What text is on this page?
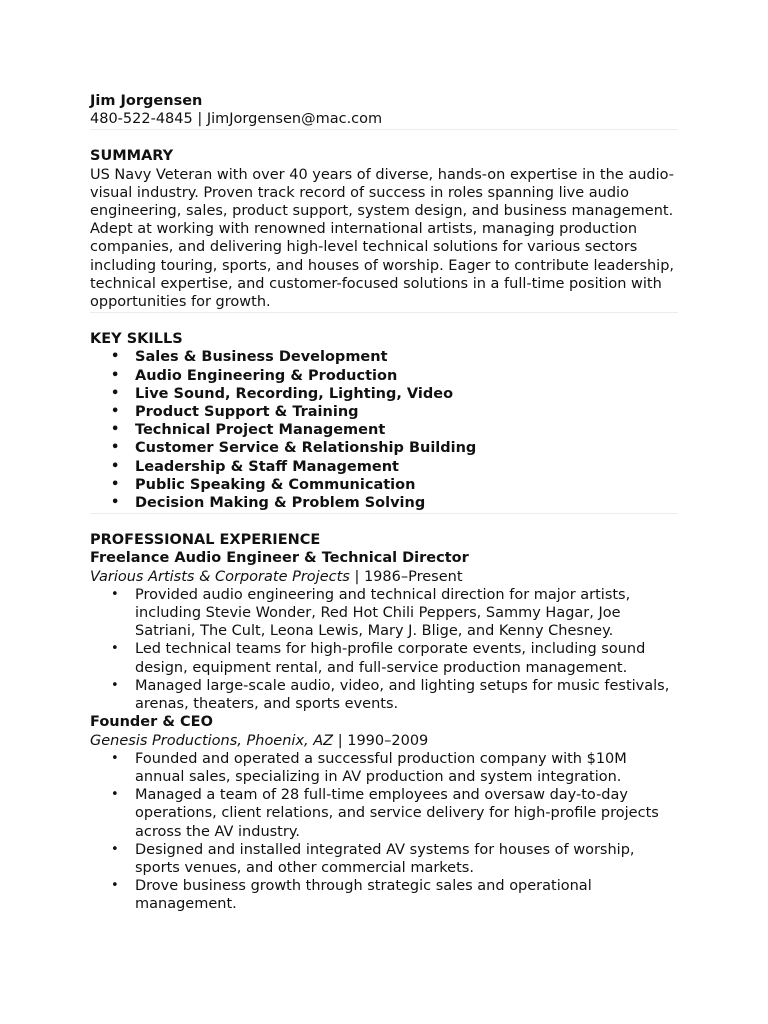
Jim Jorgensen
480-522-4845 | JimJorgensen@mac.com
SUMMARY

US Navy Veteran with over 40 years of diverse, hands-on expertise in the audio-visual industry. Proven track record of success in roles spanning live audio engineering, sales, product support, system design, and business management. Adept at working with renowned international artists, managing production companies, and delivering high-level technical solutions for various sectors including touring, sports, and houses of worship. Eager to contribute leadership, technical expertise, and customer-focused solutions in a full-time position with opportunities for growth.

KEY SKILLS
• Sales & Business Development
• Audio Engineering & Production
• Live Sound, Recording, Lighting, Video
• Product Support & Training
• Technical Project Management
• Customer Service & Relationship Building
• Leadership & Staff Management
• Public Speaking & Communication
• Decision Making & Problem Solving
PROFESSIONAL EXPERIENCE
Freelance Audio Engineer & Technical Director
Various Artists & Corporate Projects | 1986–Present
• Provided audio engineering and technical direction for major artists, including Stevie Wonder, Red Hot Chili Peppers, Sammy Hagar, Joe Satriani, The Cult, Leona Lewis, Mary J. Blige, and Kenny Chesney.
• Led technical teams for high-profile corporate events, including sound design, equipment rental, and full-service production management.
• Managed large-scale audio, video, and lighting setups for music festivals, arenas, theaters, and sports events.
Founder & CEO
Genesis Productions, Phoenix, AZ | 1990–2009
• Founded and operated a successful production company with $10M annual sales, specializing in AV production and system integration.
• Managed a team of 28 full-time employees and oversaw day-to-day operations, client relations, and service delivery for high-profile projects across the AV industry.
• Designed and installed integrated AV systems for houses of worship, sports venues, and other commercial markets.
• Drove business growth through strategic sales and operational management.
